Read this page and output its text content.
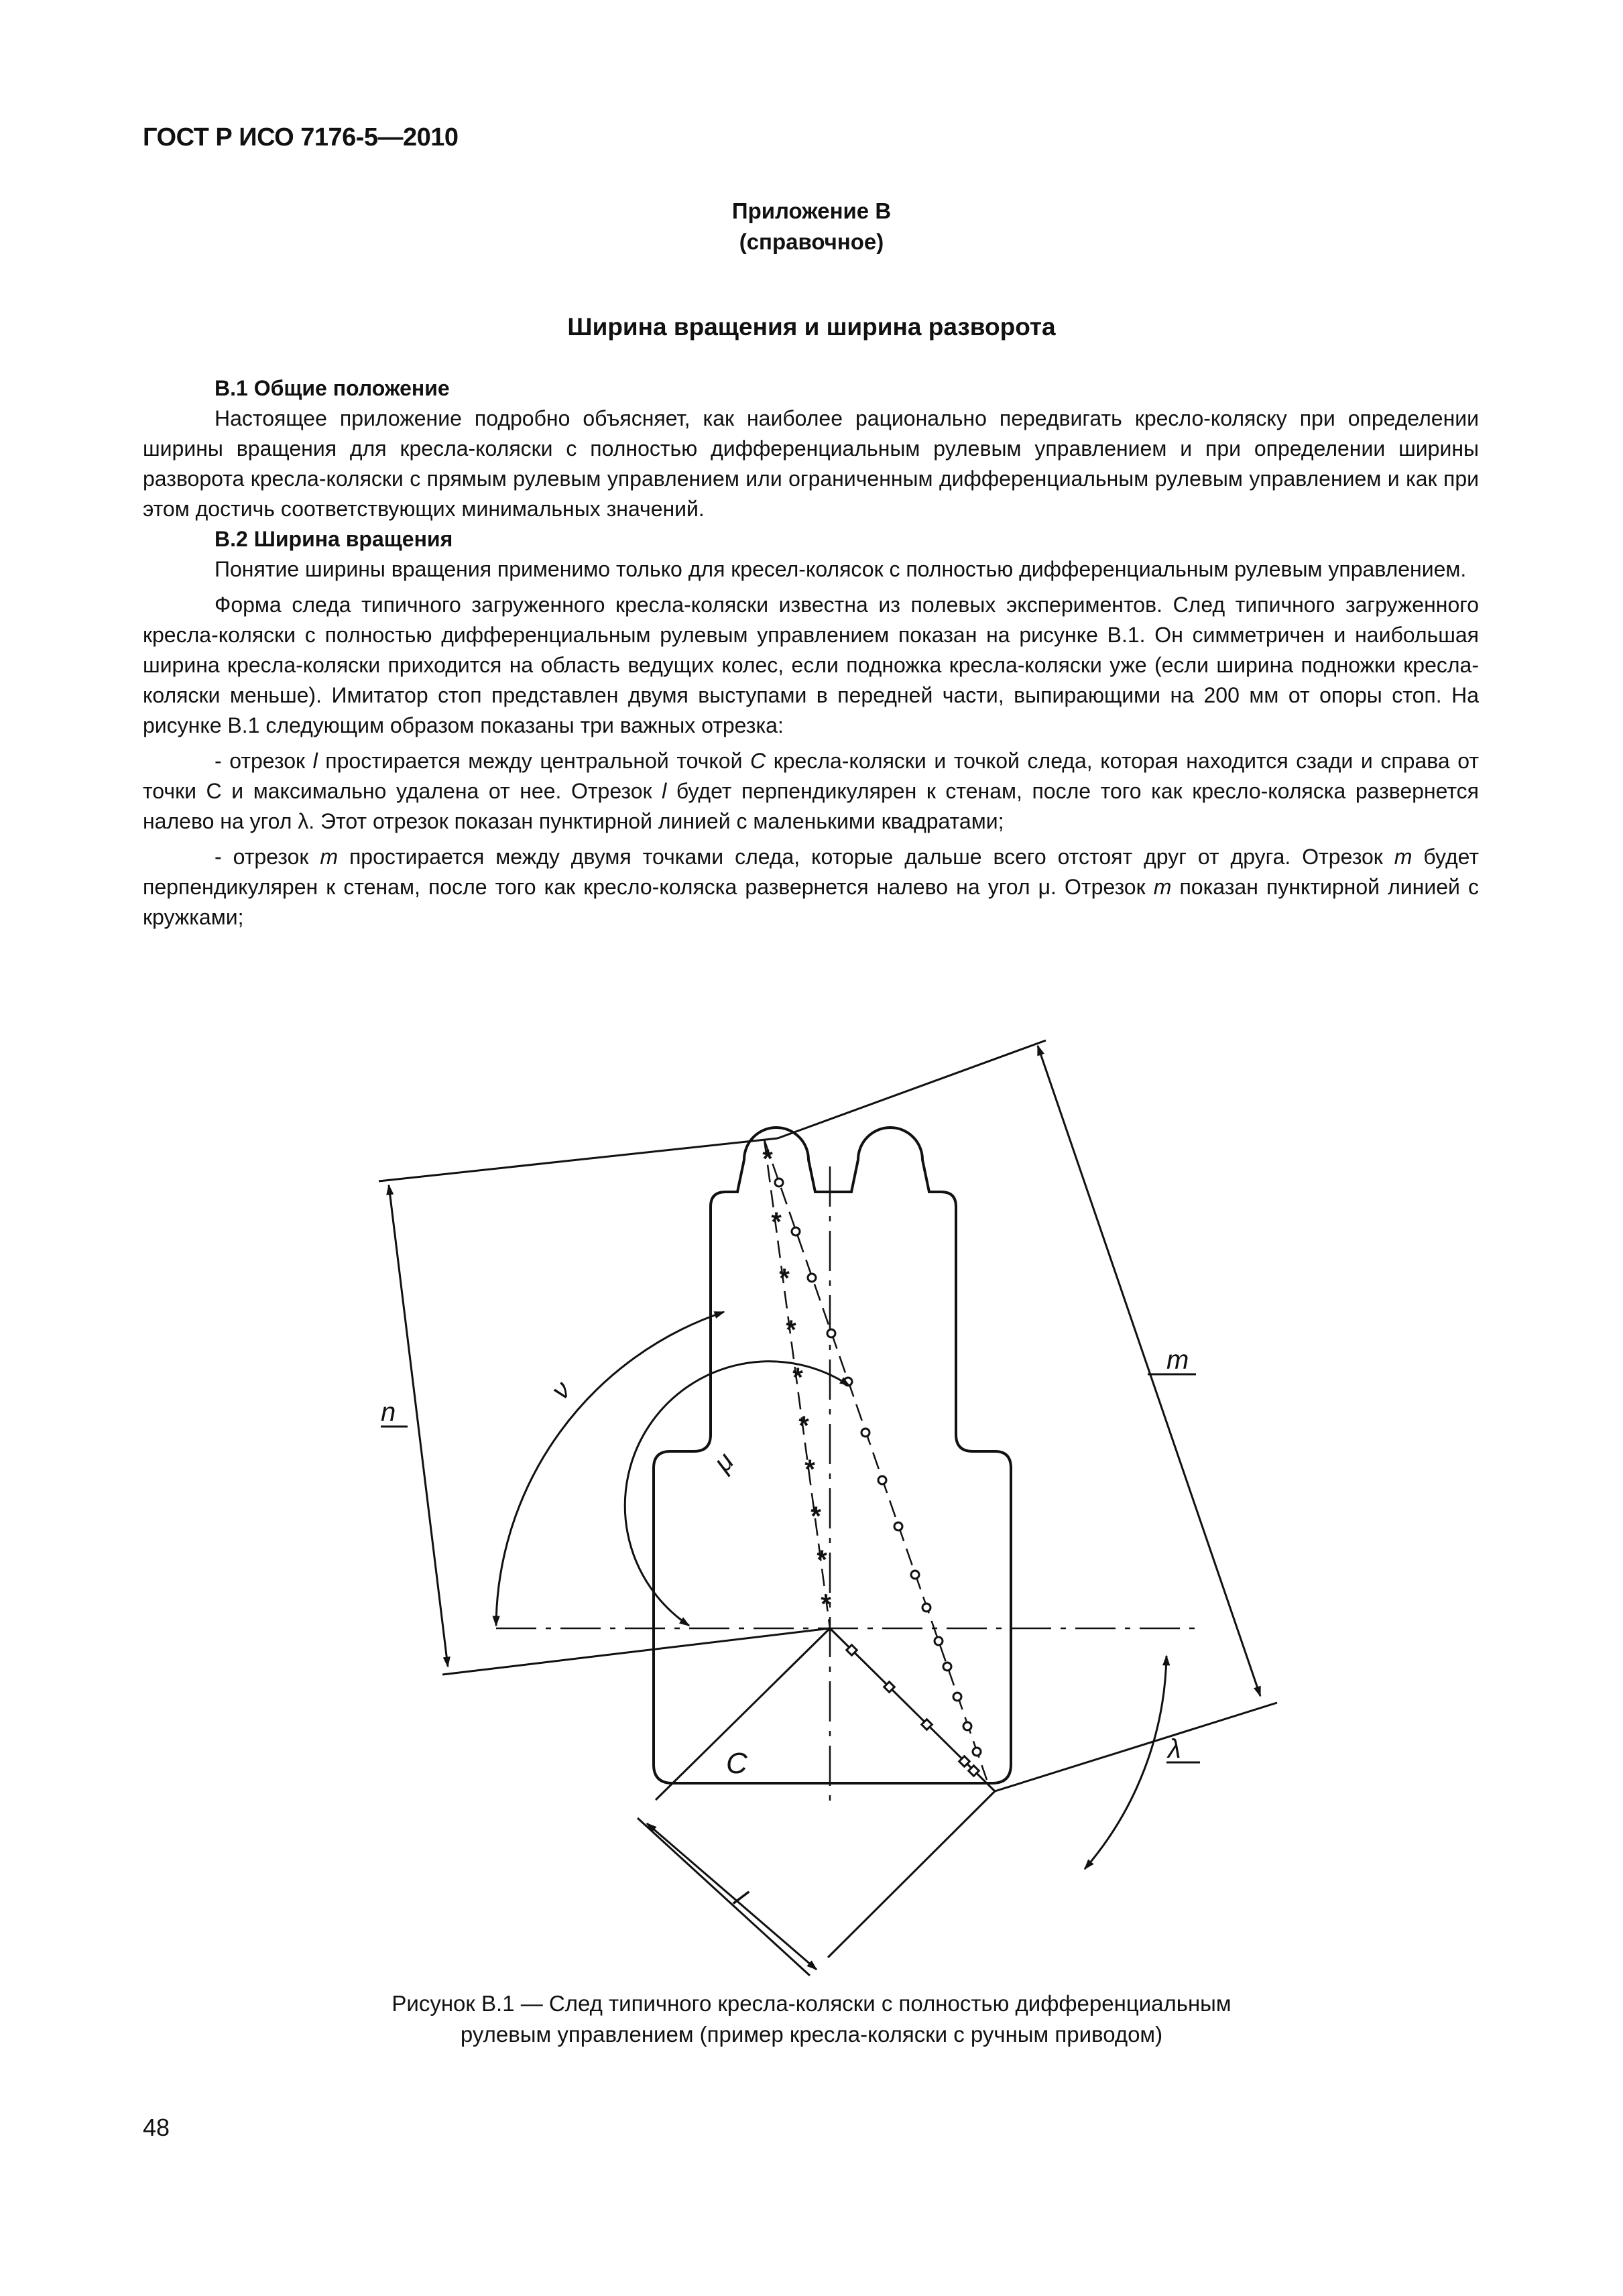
ГОСТ Р ИСО 7176-5—2010
Приложение В
(справочное)
Ширина вращения и ширина разворота
В.1 Общие положение
Настоящее приложение подробно объясняет, как наиболее рационально передвигать кресло-коляску при определении ширины вращения для кресла-коляски с полностью дифференциальным рулевым управлением и при определении ширины разворота кресла-коляски с прямым рулевым управлением или ограниченным дифференциальным рулевым управлением и как при этом достичь соответствующих минимальных значений.
В.2 Ширина вращения
Понятие ширины вращения применимо только для кресел-колясок с полностью дифференциальным рулевым управлением.
Форма следа типичного загруженного кресла-коляски известна из полевых экспериментов. След типичного загруженного кресла-коляски с полностью дифференциальным рулевым управлением показан на рисунке В.1. Он симметричен и наибольшая ширина кресла-коляски приходится на область ведущих колес, если подножка кресла-коляски уже (если ширина подножки кресла-коляски меньше). Имитатор стоп представлен двумя выступами в передней части, выпирающими на 200 мм от опоры стоп. На рисунке В.1 следующим образом показаны три важных отрезка:
- отрезок l простирается между центральной точкой С кресла-коляски и точкой следа, которая находится сзади и справа от точки С и максимально удалена от нее. Отрезок l будет перпендикулярен к стенам, после того как кресло-коляска развернется налево на угол λ. Этот отрезок показан пунктирной линией с маленькими квадратами;
- отрезок m простирается между двумя точками следа, которые дальше всего отстоят друг от друга. Отрезок m будет перпендикулярен к стенам, после того как кресло-коляска развернется налево на угол μ. Отрезок m показан пунктирной линией с кружками;
*
*
*
*
*
*
*
*
*
*
n
m
С	λ
ν
μ
l
Рисунок В.1 — След типичного кресла-коляски с полностью дифференциальным
рулевым управлением (пример кресла-коляски с ручным приводом)
48
